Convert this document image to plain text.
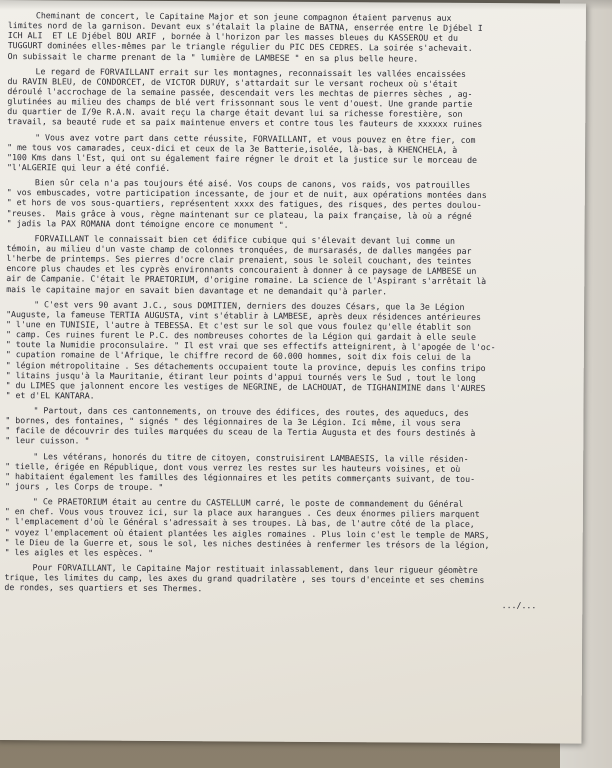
Cheminant de concert, le Capitaine Major et son jeune compagnon étaient parvenus aux
limites nord de la garnison. Devant eux s'étalait la plaine de BATNA, enserrée entre le Djébel I
ICH ALI  ET LE Djébel BOU ARIF , bornée à l'horizon par les masses bleues du KASSEROU et du
TUGGURT dominées elles-mêmes par le triangle régulier du PIC DES CEDRES. La soirée s'achevait.
On subissait le charme prenant de la " lumière de LAMBESE " en sa plus belle heure.
Le regard de FORVAILLANT errait sur les montagnes, reconnaissait les vallées encaissées
du RAVIN BLEU, de CONDORCET, de VICTOR DURUY, s'attardait sur le versant rocheux où s'était
déroulé l'accrochage de la semaine passée, descendait vers les mechtas de pierres sèches , ag-
glutinées au milieu des champs de blé vert frissonnant sous le vent d'ouest. Une grande partie
du quartier de I/9e R.A.N. avait reçu la charge était devant lui sa richesse forestière, son
travail, sa beauté rude et sa paix maintenue envers et contre tous les fauteurs de xxxxxx ruines
" Vous avez votre part dans cette réussite, FORVAILLANT, et vous pouvez en être fier, com
" me tous vos camarades, ceux-dici et ceux de la 3e Batterie,isolée, là-bas, à KHENCHELA, à
"100 Kms dans l'Est, qui ont su également faire régner le droit et la justice sur le morceau de
"l'ALGERIE qui leur a été confié.
Bien sûr cela n'a pas toujours été aisé. Vos coups de canons, vos raids, vos patrouilles
" vos embuscades, votre participation incessante, de jour et de nuit, aux opérations montées dans
" et hors de vos sous-quartiers, représentent xxxx des fatigues, des risques, des pertes doulou-
"reuses.  Mais grâce à vous, règne maintenant sur ce plateau, la paix française, là où a régné
" jadis la PAX ROMANA dont témoigne encore ce monument ".
FORVAILLANT le connaissait bien cet édifice cubique qui s'élevait devant lui comme un
témoin, au milieu d'un vaste champ de colonnes tronquées, de mursarasés, de dalles mangées par
l'herbe de printemps. Ses pierres d'ocre clair prenaient, sous le soleil couchant, des teintes
encore plus chaudes et les cyprès environnants concouraient à donner à ce paysage de LAMBESE un
air de Campanie. C'était le PRAETORIUM, d'origine romaine. La science de l'Aspirant s'arrêtait là
mais le capitaine major en savait bien davantage et ne demandait qu'à parler.
" C'est vers 90 avant J.C., sous DOMITIEN, derniers des douzes Césars, que la 3e Légion
"Auguste, la fameuse TERTIA AUGUSTA, vint s'établir à LAMBESE, après deux résidences antérieures
" l'une en TUNISIE, l'autre à TEBESSA. Et c'est sur le sol que vous foulez qu'elle établit son
" camp. Ces ruines furent le P.C. des nombreuses cohortes de la Légion qui gardait à elle seule
" toute la Numidie proconsulaire. " Il est vrai que ses effectifs atteignirent, à l'apogée de l'oc-
" cupation romaine de l'Afrique, le chiffre record de 60.000 hommes, soit dix fois celui de la
" légion métropolitaine . Ses détachements occupaient toute la province, depuis les confins tripo
" litains jusqu'à la Mauritanie, étirant leur points d'appui tournés vers le Sud , tout le long
" du LIMES que jalonnent encore les vestiges de NEGRINE, de LACHOUAT, de TIGHANIMINE dans l'AURES
" et d'EL KANTARA.
" Partout, dans ces cantonnements, on trouve des édifices, des routes, des aqueducs, des
" bornes, des fontaines, " signés " des légionnaires de la 3e Légion. Ici même, il vous sera
" facile de découvrir des tuiles marquées du sceau de la Tertia Augusta et des fours destinés à
" leur cuisson. "
" Les vétérans, honorés du titre de citoyen, construisirent LAMBAESIS, la ville résiden-
" tielle, érigée en République, dont vous verrez les restes sur les hauteurs voisines, et où
" habitaient également les familles des légionnaires et les petits commerçants suivant, de tou-
" jours , les Corps de troupe. "
" Ce PRAETORIUM était au centre du CASTELLUM carré, le poste de commandement du Général
" en chef. Vous vous trouvez ici, sur la place aux harangues . Ces deux énormes piliers marquent
" l'emplacement d'où le Général s'adressait à ses troupes. Là bas, de l'autre côté de la place,
" voyez l'emplacement où étaient plantées les aigles romaines . Plus loin c'est le temple de MARS,
" le Dieu de la Guerre et, sous le sol, les niches destinées à renfermer les trésors de la légion,
" les aigles et les espèces. "
Pour FORVAILLANT, le Capitaine Major restituait inlassablement, dans leur rigueur géomètre
trique, les limites du camp, les axes du grand quadrilatère , ses tours d'enceinte et ses chemins
de rondes, ses quartiers et ses Thermes.
.../...
